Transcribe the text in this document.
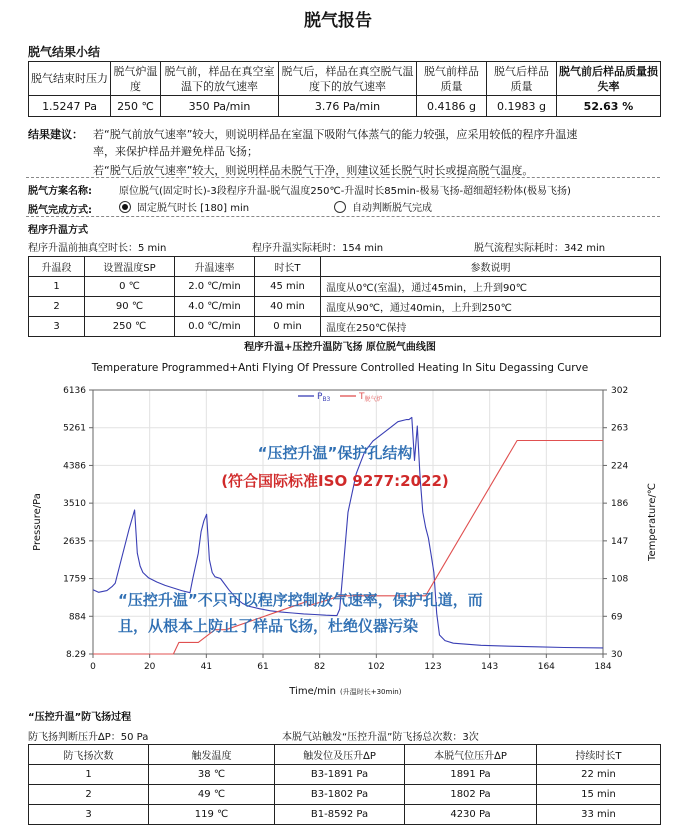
脱气报告
脱气结果小结
脱气结束时压力	脱气炉温度	脱气前，样品在真空室温下的放气速率	脱气后，样品在真空脱气温度下的放气速率	脱气前样品质量	脱气后样品质量	脱气前后样品质量损失率
1.5247 Pa	250 ℃	350 Pa/min	3.76 Pa/min	0.4186 g	0.1983 g	52.63 %
结果建议： 若“脱气前放气速率”较大，则说明样品在室温下吸附气体蒸气的能力较强，应采用较低的程序升温速
率，来保护样品并避免样品飞扬；
若“脱气后放气速率”较大，则说明样品未脱气干净，则建议延长脱气时长或提高脱气温度。
脱气方案名称:	原位脱气(固定时长)-3段程序升温-脱气温度250℃-升温时长85min-极易飞扬-超细超轻粉体(极易飞扬)
脱气完成方式:	固定脱气时长 [180] min	自动判断脱气完成
程序升温方式
程序升温前抽真空时长：5 min	程序升温实际耗时：154 min	脱气流程实际耗时：342 min
升温段	设置温度SP	升温速率	时长T	参数说明
1	0 ℃	2.0 ℃/min	45 min	温度从0℃(室温)，通过45min，上升到90℃
2	90 ℃	4.0 ℃/min	40 min	温度从90℃，通过40min，上升到250℃
3	250 ℃	0.0 ℃/min	0 min	温度在250℃保持
程序升温+压控升温防飞扬 原位脱气曲线图
Temperature Programmed+Anti Flying Of Pressure Controlled Heating In Situ Degassing Curve
0	20	41	61	82	102	123	143	164	184
8.29
884
1759
2635
3510
4386
5261
6136
30
69
108
147
186
224
263
302
$P_{B3}$	$T_{脱气炉}$
“压控升温”保护孔结构
(符合国际标准ISO 9277:2022)
“压控升温”不只可以程序控制放气速率，保护孔道，而
且，从根本上防止了样品飞扬，杜绝仪器污染
Pressure/Pa	Temperature/℃
Time/min (升温时长+30min)
“压控升温”防飞扬过程
防飞扬判断压升∆P：50 Pa	本脱气站触发“压控升温”防飞扬总次数：3次
防飞扬次数	触发温度	触发位及压升∆P	本脱气位压升∆P	持续时长T
1	38 ℃	B3-1891 Pa	1891 Pa	22 min
2	49 ℃	B3-1802 Pa	1802 Pa	15 min
3	119 ℃	B1-8592 Pa	4230 Pa	33 min
